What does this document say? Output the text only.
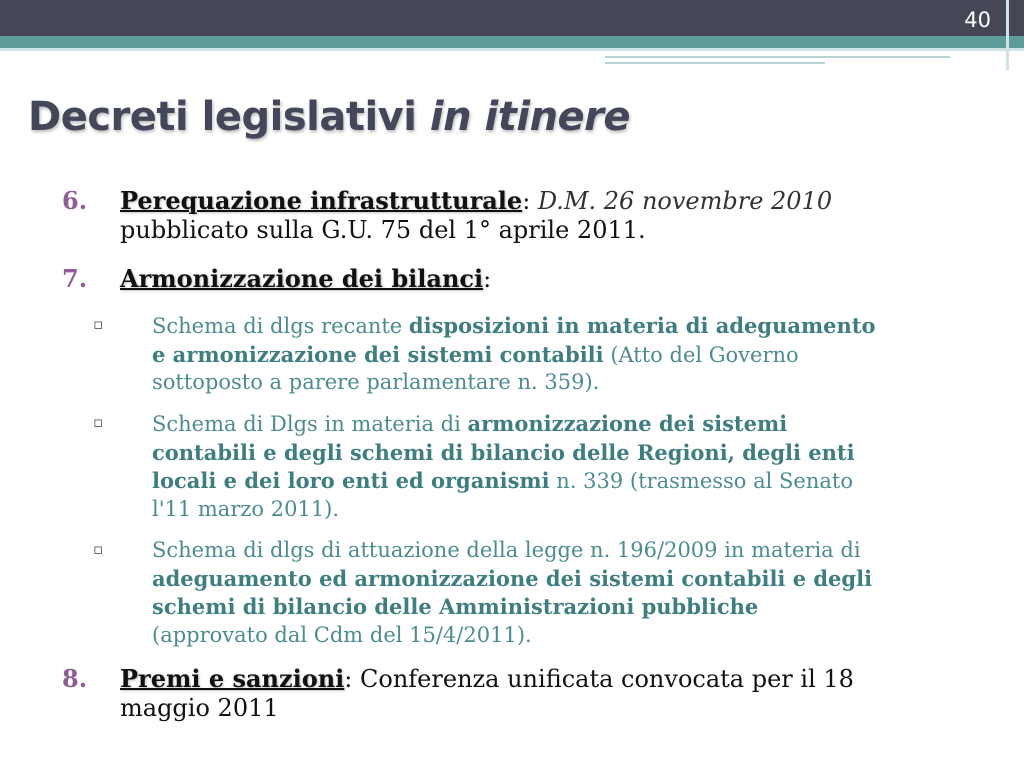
40
Decreti legislativi in itinere
6.	Perequazione infrastrutturale: D.M. 26 novembre 2010
pubblicato sulla G.U. 75 del 1° aprile 2011.
7.	Armonizzazione dei bilanci:
▫ Schema di dlgs recante disposizioni in materia di adeguamento
e armonizzazione dei sistemi contabili (Atto del Governo
sottoposto a parere parlamentare n. 359).
▫ Schema di Dlgs in materia di armonizzazione dei sistemi
contabili e degli schemi di bilancio delle Regioni, degli enti
locali e dei loro enti ed organismi n. 339 (trasmesso al Senato
l'11 marzo 2011).
▫ Schema di dlgs di attuazione della legge n. 196/2009 in materia di
adeguamento ed armonizzazione dei sistemi contabili e degli
schemi di bilancio delle Amministrazioni pubbliche
(approvato dal Cdm del 15/4/2011).
8.	Premi e sanzioni: Conferenza unificata convocata per il 18
maggio 2011
